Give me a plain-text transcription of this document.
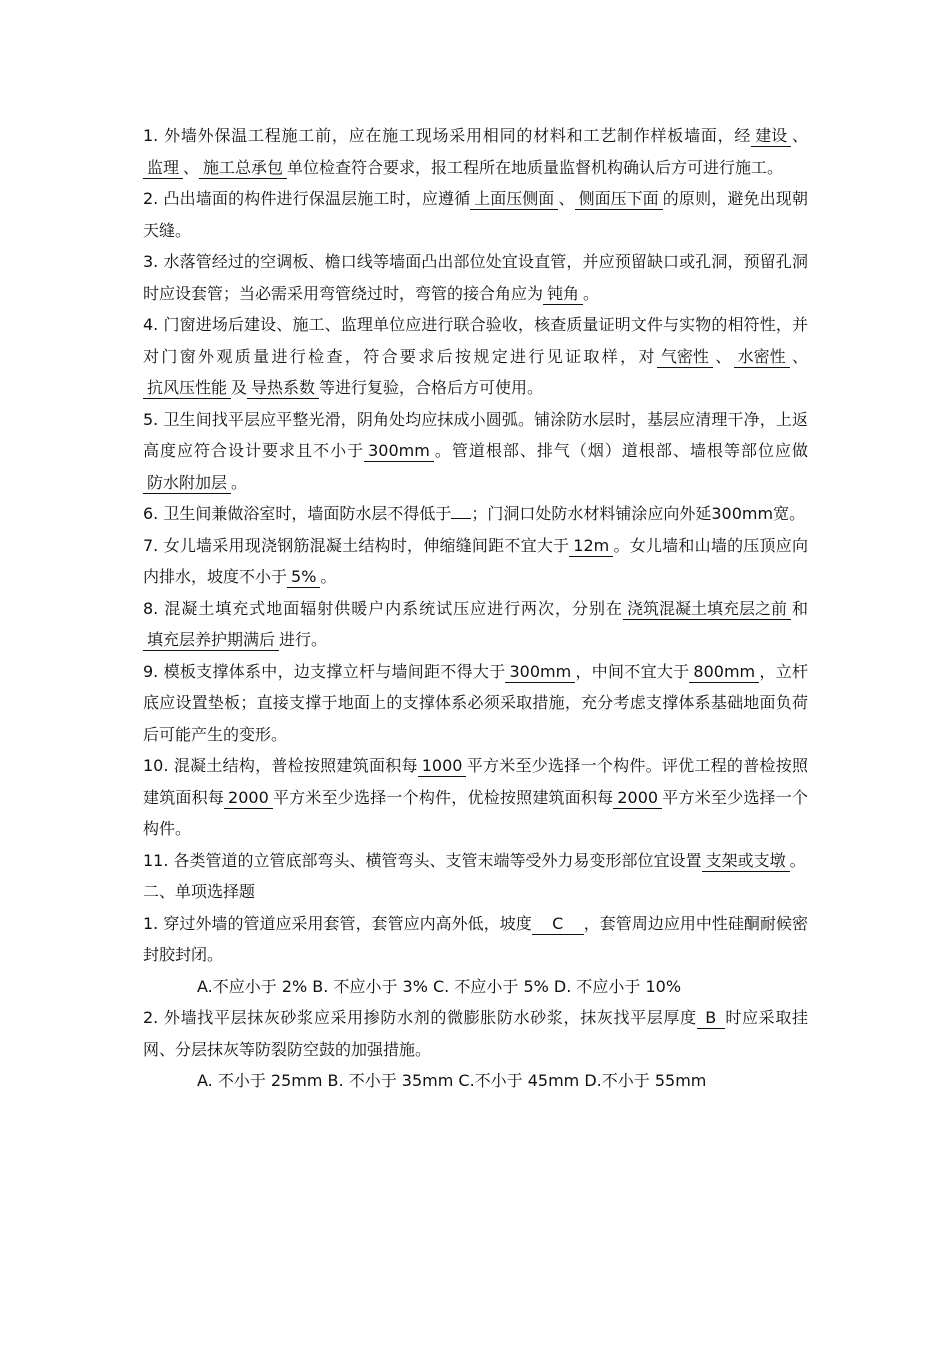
1. 外墙外保温工程施工前，应在施工现场采用相同的材料和工艺制作样板墙面，经 建设 、监理 、 施工总承包 单位检查符合要求，报工程所在地质量监督机构确认后方可进行施工。

2. 凸出墙面的构件进行保温层施工时，应遵循 上面压侧面 、 侧面压下面 的原则，避免出现朝天缝。

3. 水落管经过的空调板、檐口线等墙面凸出部位处宜设直管，并应预留缺口或孔洞，预留孔洞时应设套管；当必需采用弯管绕过时，弯管的接合角应为 钝角 。

4. 门窗进场后建设、施工、监理单位应进行联合验收，核查质量证明文件与实物的相符性，并对门窗外观质量进行检查，符合要求后按规定进行见证取样，对 气密性 、 水密性 、抗风压性能 及 导热系数 等进行复验，合格后方可使用。

5. 卫生间找平层应平整光滑，阴角处均应抹成小圆弧。铺涂防水层时，基层应清理干净，上返高度应符合设计要求且不小于 300mm 。管道根部、排气（烟）道根部、墙根等部位应做防水附加层 。

6. 卫生间兼做浴室时，墙面防水层不得低于 ；门洞口处防水材料铺涂应向外延300mm宽。

7. 女儿墙采用现浇钢筋混凝土结构时，伸缩缝间距不宜大于 12m 。女儿墙和山墙的压顶应向内排水，坡度不小于 5% 。

8. 混凝土填充式地面辐射供暖户内系统试压应进行两次，分别在 浇筑混凝土填充层之前 和填充层养护期满后 进行。

9. 模板支撑体系中，边支撑立杆与墙间距不得大于 300mm ，中间不宜大于 800mm ，立杆底应设置垫板；直接支撑于地面上的支撑体系必须采取措施，充分考虑支撑体系基础地面负荷后可能产生的变形。

10. 混凝土结构，普检按照建筑面积每 1000 平方米至少选择一个构件。评优工程的普检按照建筑面积每 2000 平方米至少选择一个构件，优检按照建筑面积每 2000 平方米至少选择一个构件。

11. 各类管道的立管底部弯头、横管弯头、支管末端等受外力易变形部位宜设置 支架或支墩 。

二、单项选择题

1. 穿过外墙的管道应采用套管，套管应内高外低，坡度 C ，套管周边应用中性硅酮耐候密封胶封闭。

A.不应小于 2% B. 不应小于 3% C. 不应小于 5% D. 不应小于 10%

2. 外墙找平层抹灰砂浆应采用掺防水剂的微膨胀防水砂浆，抹灰找平层厚度 B 时应采取挂网、分层抹灰等防裂防空鼓的加强措施。

A. 不小于 25mm B. 不小于 35mm C.不小于 45mm D.不小于 55mm
